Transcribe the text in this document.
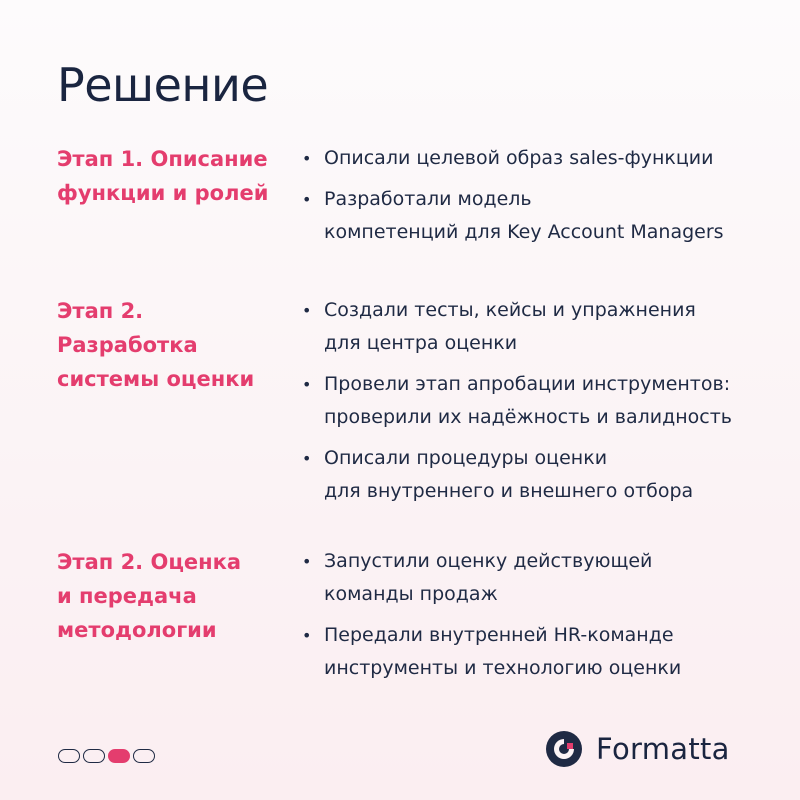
Решение
Этап 1. Описание
функции и ролей
• Описали целевой образ sales-функции
• Разработали модель
компетенций для Key Account Managers
Этап 2.
Разработка
системы оценки
• Создали тесты, кейсы и упражнения
для центра оценки
• Провели этап апробации инструментов:
проверили их надёжность и валидность
• Описали процедуры оценки
для внутреннего и внешнего отбора
Этап 2. Оценка
и передача
методологии
• Запустили оценку действующей
команды продаж
• Передали внутренней HR-команде
инструменты и технологию оценки
Formatta
